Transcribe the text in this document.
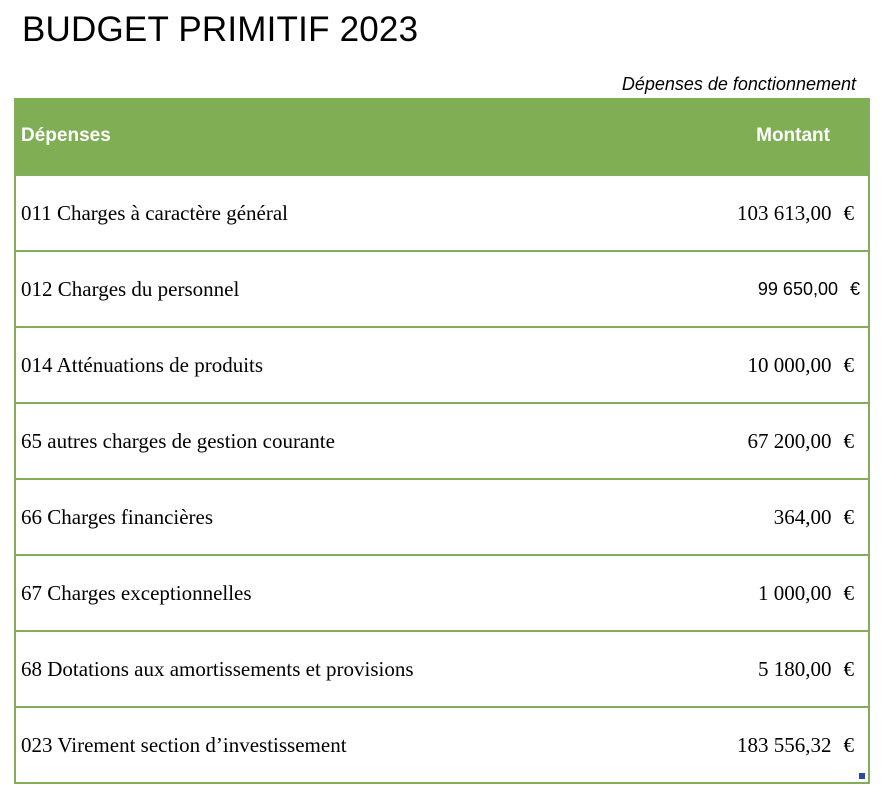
BUDGET PRIMITIF 2023
Dépenses de fonctionnement
Dépenses	Montant
011 Charges à caractère général	103 613,00 €
012 Charges du personnel	99 650,00 €
014 Atténuations de produits	10 000,00 €
65 autres charges de gestion courante	67 200,00 €
66 Charges financières	364,00 €
67 Charges exceptionnelles	1 000,00 €
68 Dotations aux amortissements et provisions	5 180,00 €
023 Virement section d’investissement	183 556,32 €
